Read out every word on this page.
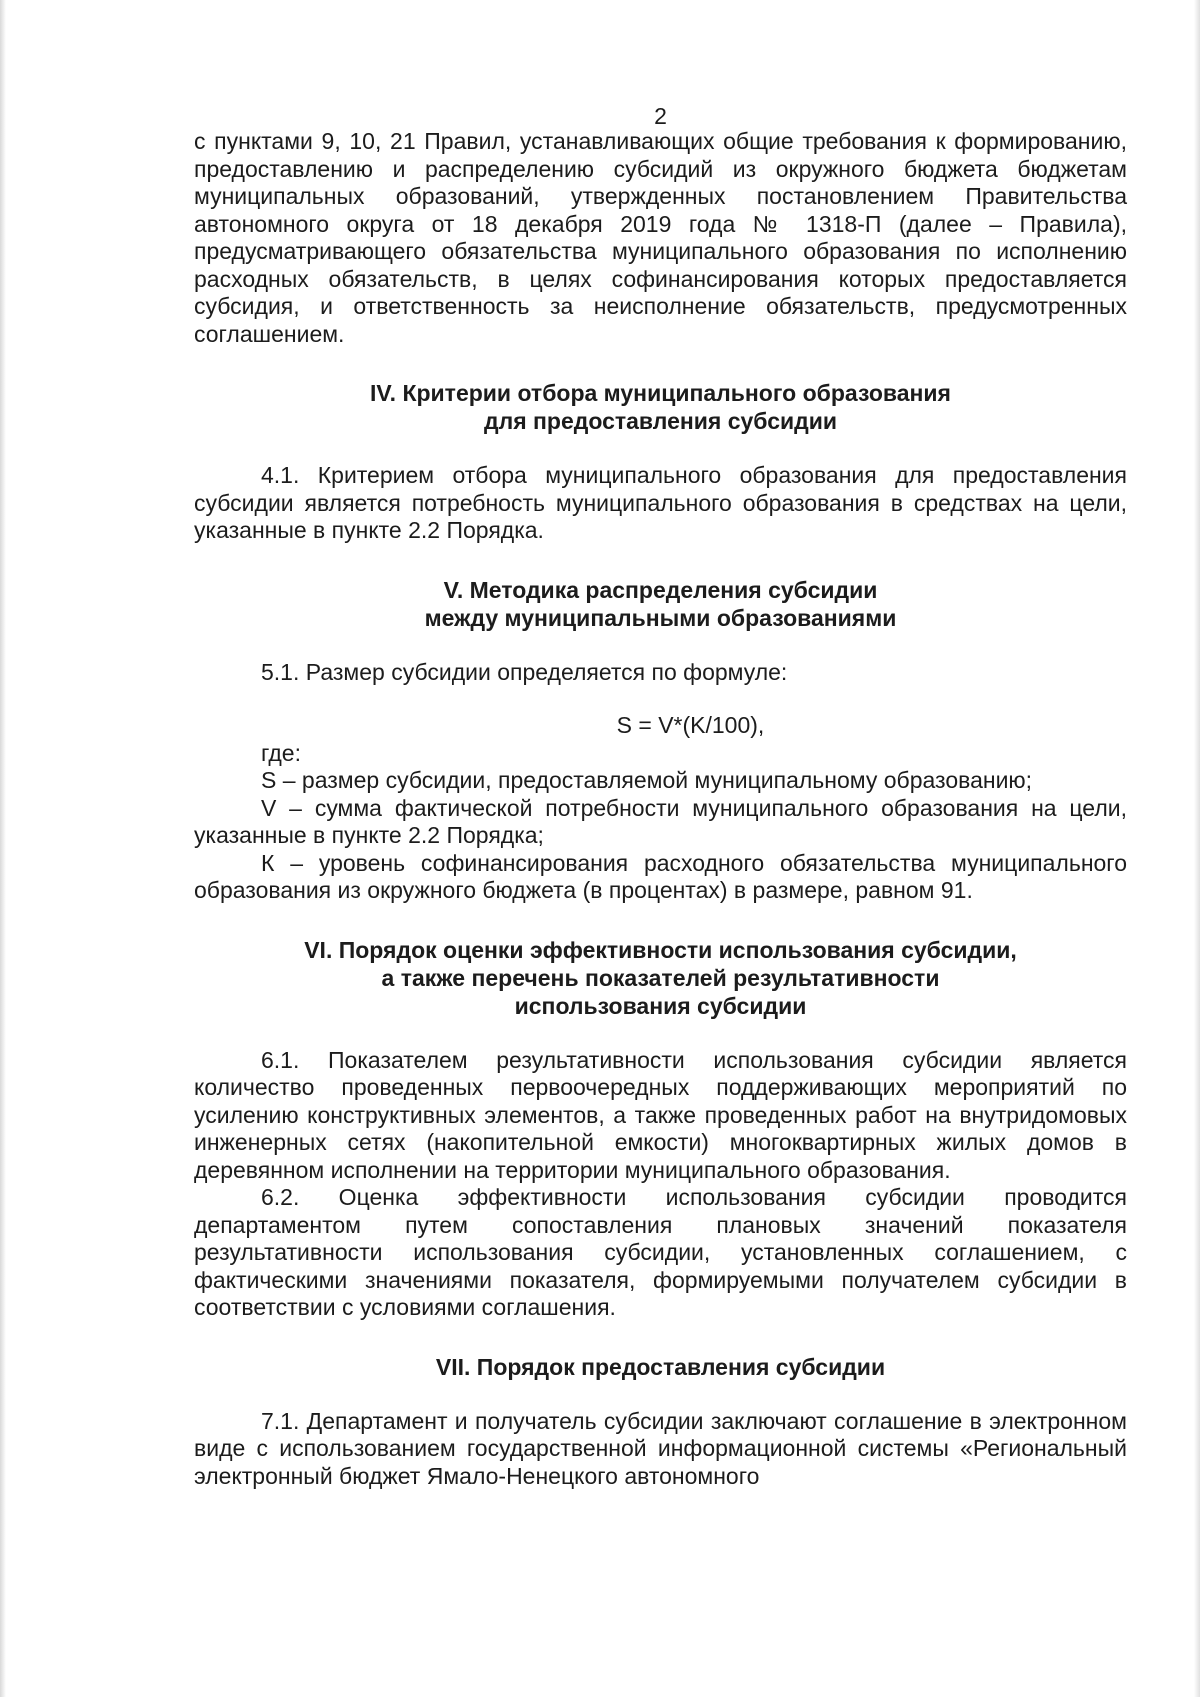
2

с пунктами 9, 10, 21 Правил, устанавливающих общие требования к формированию, предоставлению и распределению субсидий из окружного бюджета бюджетам муниципальных образований, утвержденных постановлением Правительства автономного округа от 18 декабря 2019 года № 1318-П (далее – Правила), предусматривающего обязательства муниципального образования по исполнению расходных обязательств, в целях софинансирования которых предоставляется субсидия, и ответственность за неисполнение обязательств, предусмотренных соглашением.

IV. Критерии отбора муниципального образования
для предоставления субсидии

4.1. Критерием отбора муниципального образования для предоставления субсидии является потребность муниципального образования в средствах на цели, указанные в пункте 2.2 Порядка.

V. Методика распределения субсидии
между муниципальными образованиями

5.1. Размер субсидии определяется по формуле:

S = V*(K/100),

где:

S – размер субсидии, предоставляемой муниципальному образованию;

V – сумма фактической потребности муниципального образования на цели, указанные в пункте 2.2 Порядка;

К – уровень софинансирования расходного обязательства муниципального образования из окружного бюджета (в процентах) в размере, равном 91.

VI. Порядок оценки эффективности использования субсидии,
а также перечень показателей результативности
использования субсидии

6.1. Показателем результативности использования субсидии является количество проведенных первоочередных поддерживающих мероприятий по усилению конструктивных элементов, а также проведенных работ на внутридомовых инженерных сетях (накопительной емкости) многоквартирных жилых домов в деревянном исполнении на территории муниципального образования.

6.2. Оценка эффективности использования субсидии проводится департаментом путем сопоставления плановых значений показателя результативности использования субсидии, установленных соглашением, с фактическими значениями показателя, формируемыми получателем субсидии в соответствии с условиями соглашения.

VII. Порядок предоставления субсидии

7.1. Департамент и получатель субсидии заключают соглашение в электронном виде с использованием государственной информационной системы «Региональный электронный бюджет Ямало-Ненецкого автономного
